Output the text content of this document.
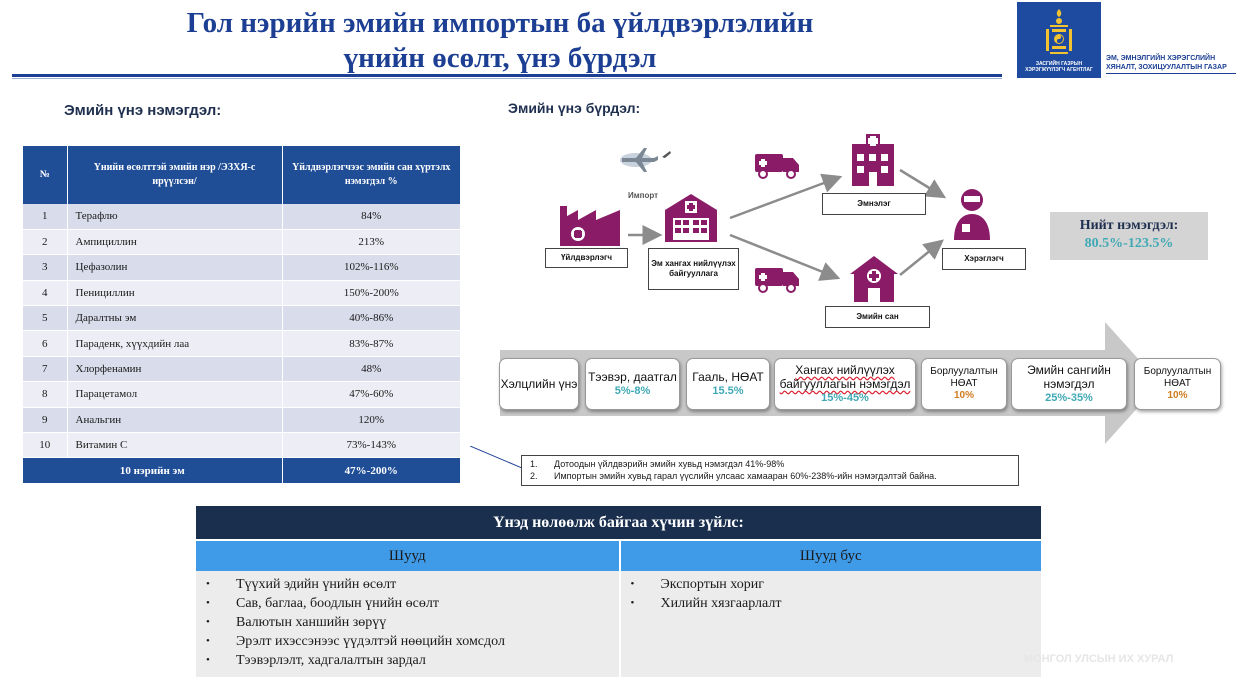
Гол нэрийн эмийн импортын ба үйлдвэрлэлийн
үнийн өсөлт, үнэ бүрдэл	ЗАСГИЙН ГАЗРЫН ХЭРЭГЖҮҮЛЭГЧ АГЕНТЛАГ
ЭМ, ЭМНЭЛГИЙН ХЭРЭГСЛИЙН ХЯНАЛТ, ЗОХИЦУУЛАЛТЫН ГАЗАР
Эмийн үнэ нэмэгдэл:
№	Үнийн өсөлттэй эмийн нэр /ЭЗХЯ-с ирүүлсэн/	Үйлдвэрлэгчээс эмийн сан хүртэлх нэмэгдэл %
1	Терафлю	84%
2	Ампициллин	213%
3	Цефазолин	102%-116%
4	Пенициллин	150%-200%
5	Даралтны эм	40%-86%
6	Параденк, хүүхдийн лаа	83%-87%
7	Хлорфенамин	48%
8	Парацетамол	47%-60%
9	Анальгин	120%
10	Витамин С	73%-143%
10 нэрийн эм		47%-200%
Эмийн үнэ бүрдэл:
Импорт
Үйлдвэрлэгч
Эм хангах нийлүүлэх байгууллага
Эмнэлэг
Эмийн сан
Хэрэглэгч
Нийт нэмэгдэл:
80.5%-123.5%
Хэлцлийн үнэ Тээвэр, даатгал
5%-8%
Гааль, НӨАТ
15.5%
Хангах нийлүүлэх байгууллагын нэмэгдэл
15%-45%
Борлуулалтын НӨАТ
10%
Эмийн сангийн нэмэгдэл
25%-35%
Борлуулалтын НӨАТ
10%
1.	Дотоодын үйлдвэрийн эмийн хувьд нэмэгдэл 41%-98%
2.	Импортын эмийн хувьд гарал үүслийн улсаас хамааран 60%-238%-ийн нэмэгдэлтэй байна.
Үнэд нөлөөлж байгаа хүчин зүйлс:
Шууд
•	Түүхий эдийн үнийн өсөлт
•	Сав, баглаа, боодлын үнийн өсөлт
•	Валютын ханшийн зөрүү
•	Эрэлт ихэссэнээс үүдэлтэй нөөцийн хомсдол
•	Тээвэрлэлт, хадгалалтын зардал
Шууд бус
•	Экспортын хориг
•	Хилийн хязгаарлалт
МОНГОЛ УЛСЫН ИХ ХУРАЛ
